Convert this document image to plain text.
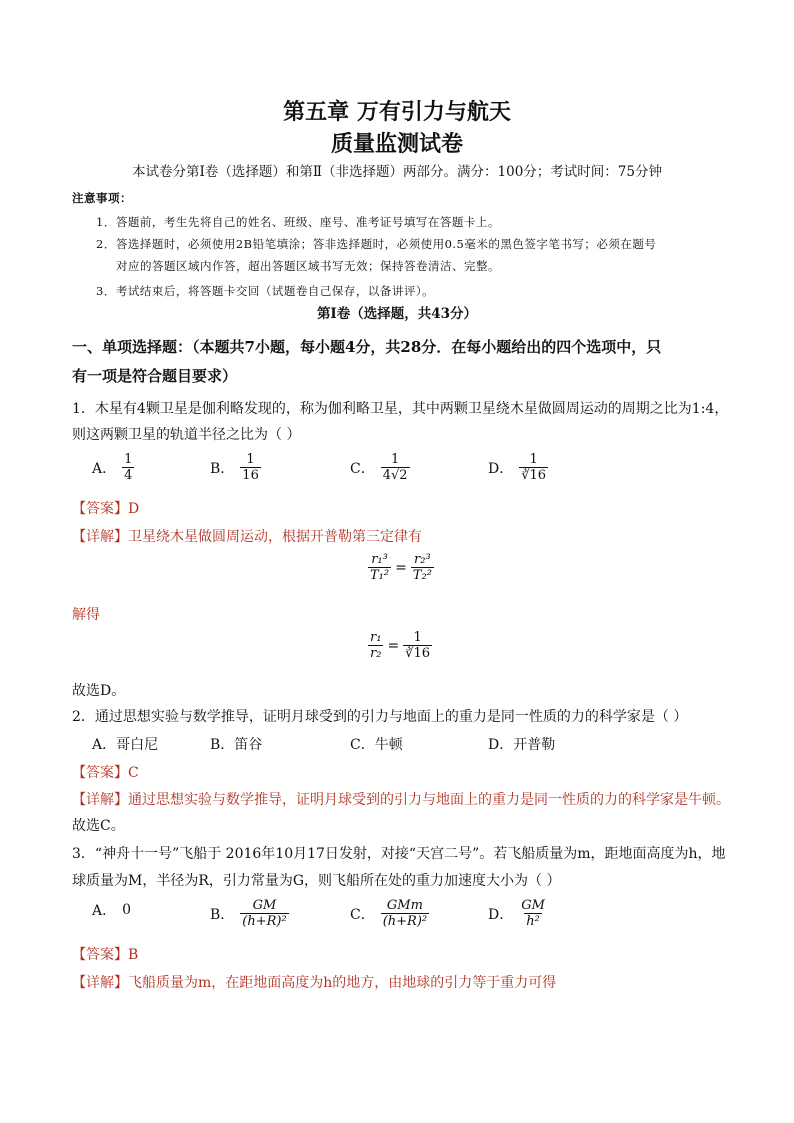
第五章 万有引力与航天
质量监测试卷
本试卷分第Ⅰ卷（选择题）和第Ⅱ（非选择题）两部分。满分：100分；考试时间：75分钟
注意事项：
1．答题前，考生先将自己的姓名、班级、座号、准考证号填写在答题卡上。
2．答选择题时，必须使用2B铅笔填涂；答非选择题时，必须使用0.5毫米的黑色签字笔书写；必须在题号
对应的答题区域内作答，超出答题区域书写无效；保持答卷清洁、完整。
3．考试结束后，将答题卡交回（试题卷自己保存，以备讲评）。
第Ⅰ卷（选择题，共43分）
一、单项选择题：（本题共7小题，每小题4分，共28分．在每小题给出的四个选项中，只
有一项是符合题目要求）
1．木星有4颗卫星是伽利略发现的，称为伽利略卫星，其中两颗卫星绕木星做圆周运动的周期之比为1:4，
则这两颗卫星的轨道半径之比为（ ）
A． $\frac{1}{4}$	B． $\frac{1}{16}$	C． $\frac{1}{4√2}$	D． $\frac{1}{∛16}$
【答案】D
【详解】卫星绕木星做圆周运动，根据开普勒第三定律有
$\frac{\text{r₁³}}{\text{T₁²}} = \frac{\text{r₂³}}{\text{T₂²}}$
解得
$\frac{\text{r₁}}{\text{r₂}} = \frac{1}{∛16}$
故选D。
2．通过思想实验与数学推导，证明月球受到的引力与地面上的重力是同一性质的力的科学家是（ ）
A．哥白尼	B．笛谷	C．牛顿	D．开普勒
【答案】C
【详解】通过思想实验与数学推导，证明月球受到的引力与地面上的重力是同一性质的力的科学家是牛顿。
故选C。
3．“神舟十一号”飞船于 2016年10月17日发射，对接“天宫二号”。若飞船质量为m，距地面高度为h，地
球质量为M，半径为R，引力常量为G，则飞船所在处的重力加速度大小为（ ）
A． 0	B． $\frac{GM}{\text{(h+R)²}}$	C． $\frac{\text{GMm}}{\text{(h+R)²}}$	D． $\frac{GM}{\text{h²}}$
【答案】B
【详解】飞船质量为m，在距地面高度为h的地方，由地球的引力等于重力可得
